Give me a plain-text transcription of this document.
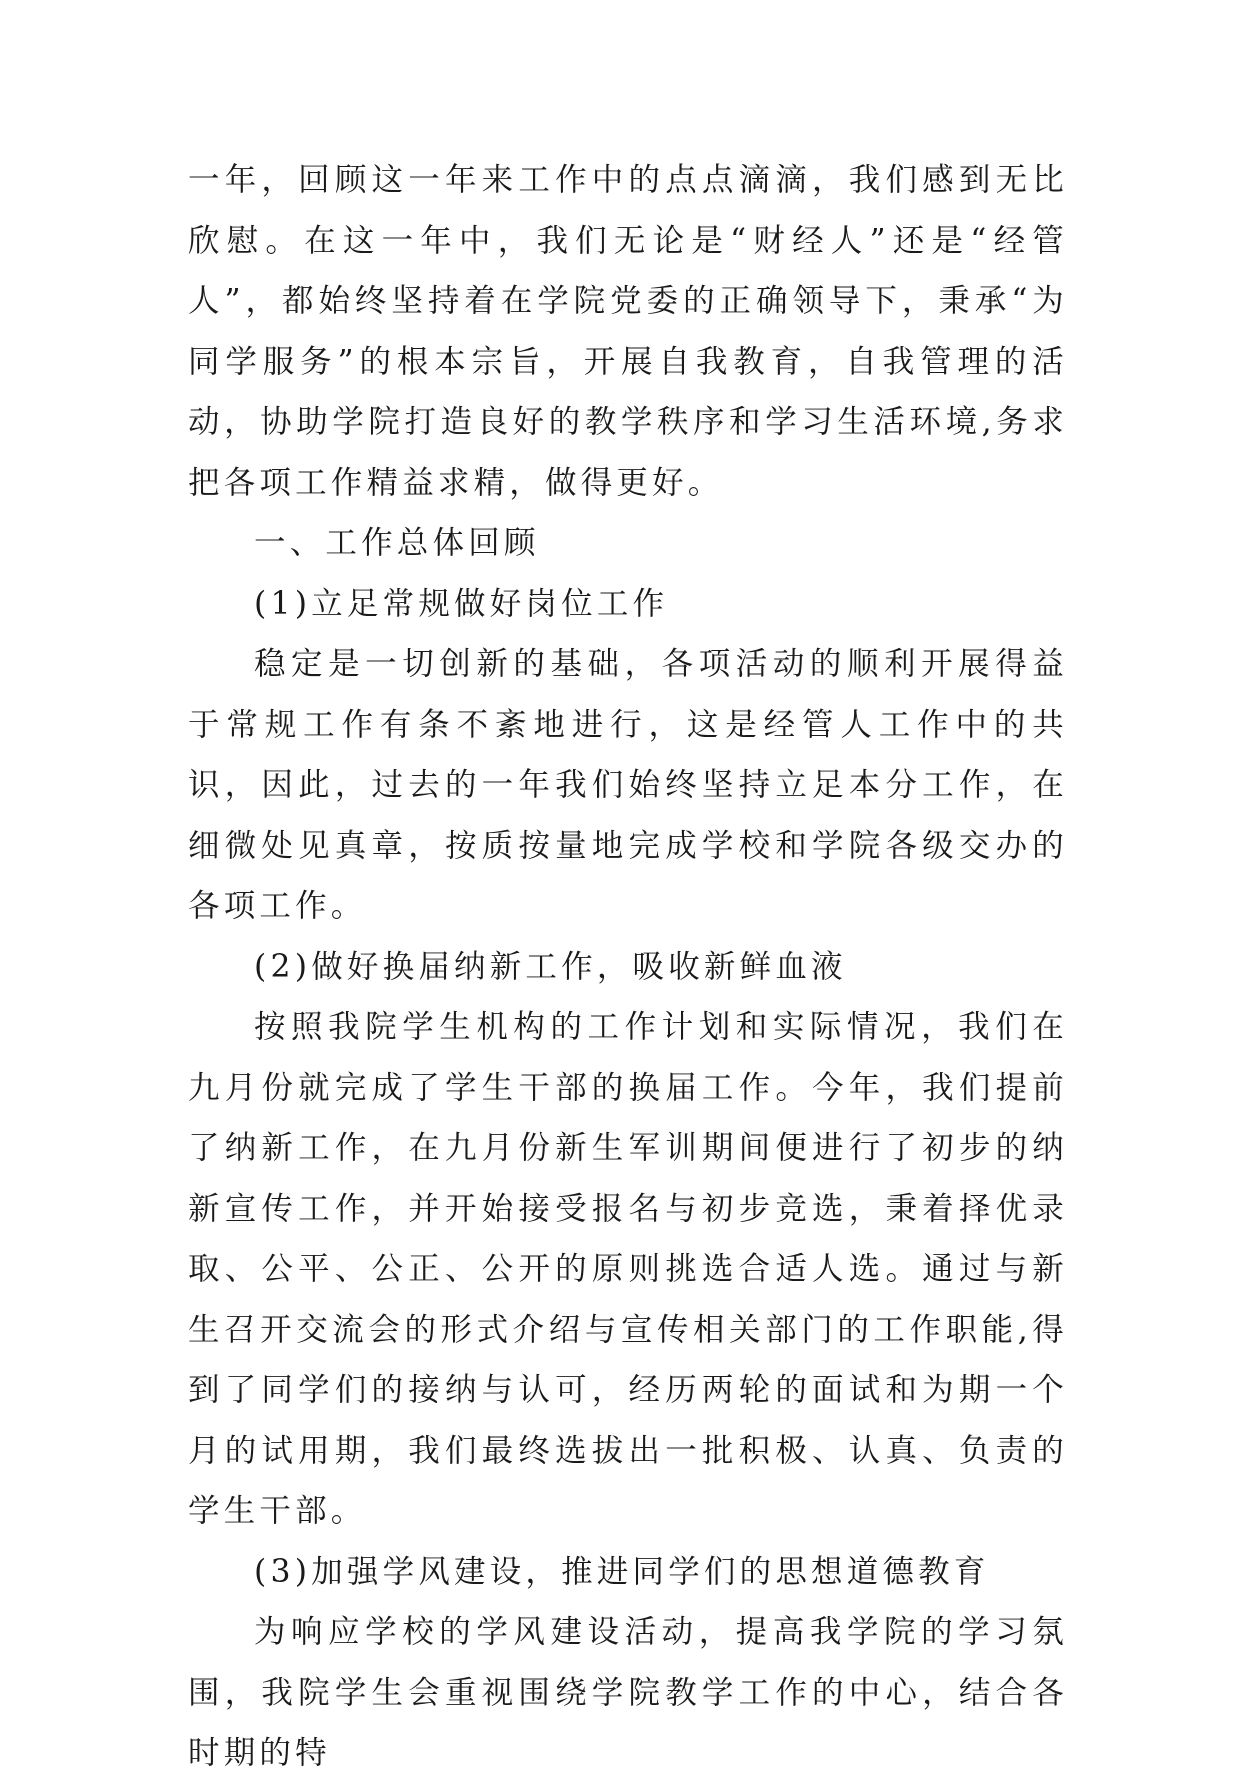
一年，回顾这一年来工作中的点点滴滴，我们感到无比欣慰。在这一年中，我们无论是“财经人”还是“经管人”，都始终坚持着在学院党委的正确领导下，秉承“为同学服务”的根本宗旨，开展自我教育，自我管理的活动，协助学院打造良好的教学秩序和学习生活环境,务求把各项工作精益求精，做得更好。

一、工作总体回顾

(1)立足常规做好岗位工作

稳定是一切创新的基础，各项活动的顺利开展得益于常规工作有条不紊地进行，这是经管人工作中的共识，因此，过去的一年我们始终坚持立足本分工作，在细微处见真章，按质按量地完成学校和学院各级交办的各项工作。

(2)做好换届纳新工作，吸收新鲜血液

按照我院学生机构的工作计划和实际情况，我们在九月份就完成了学生干部的换届工作。今年，我们提前了纳新工作，在九月份新生军训期间便进行了初步的纳新宣传工作，并开始接受报名与初步竞选，秉着择优录取、公平、公正、公开的原则挑选合适人选。通过与新生召开交流会的形式介绍与宣传相关部门的工作职能,得到了同学们的接纳与认可，经历两轮的面试和为期一个月的试用期，我们最终选拔出一批积极、认真、负责的学生干部。

(3)加强学风建设，推进同学们的思想道德教育

为响应学校的学风建设活动，提高我学院的学习氛围，我院学生会重视围绕学院教学工作的中心，结合各时期的特
